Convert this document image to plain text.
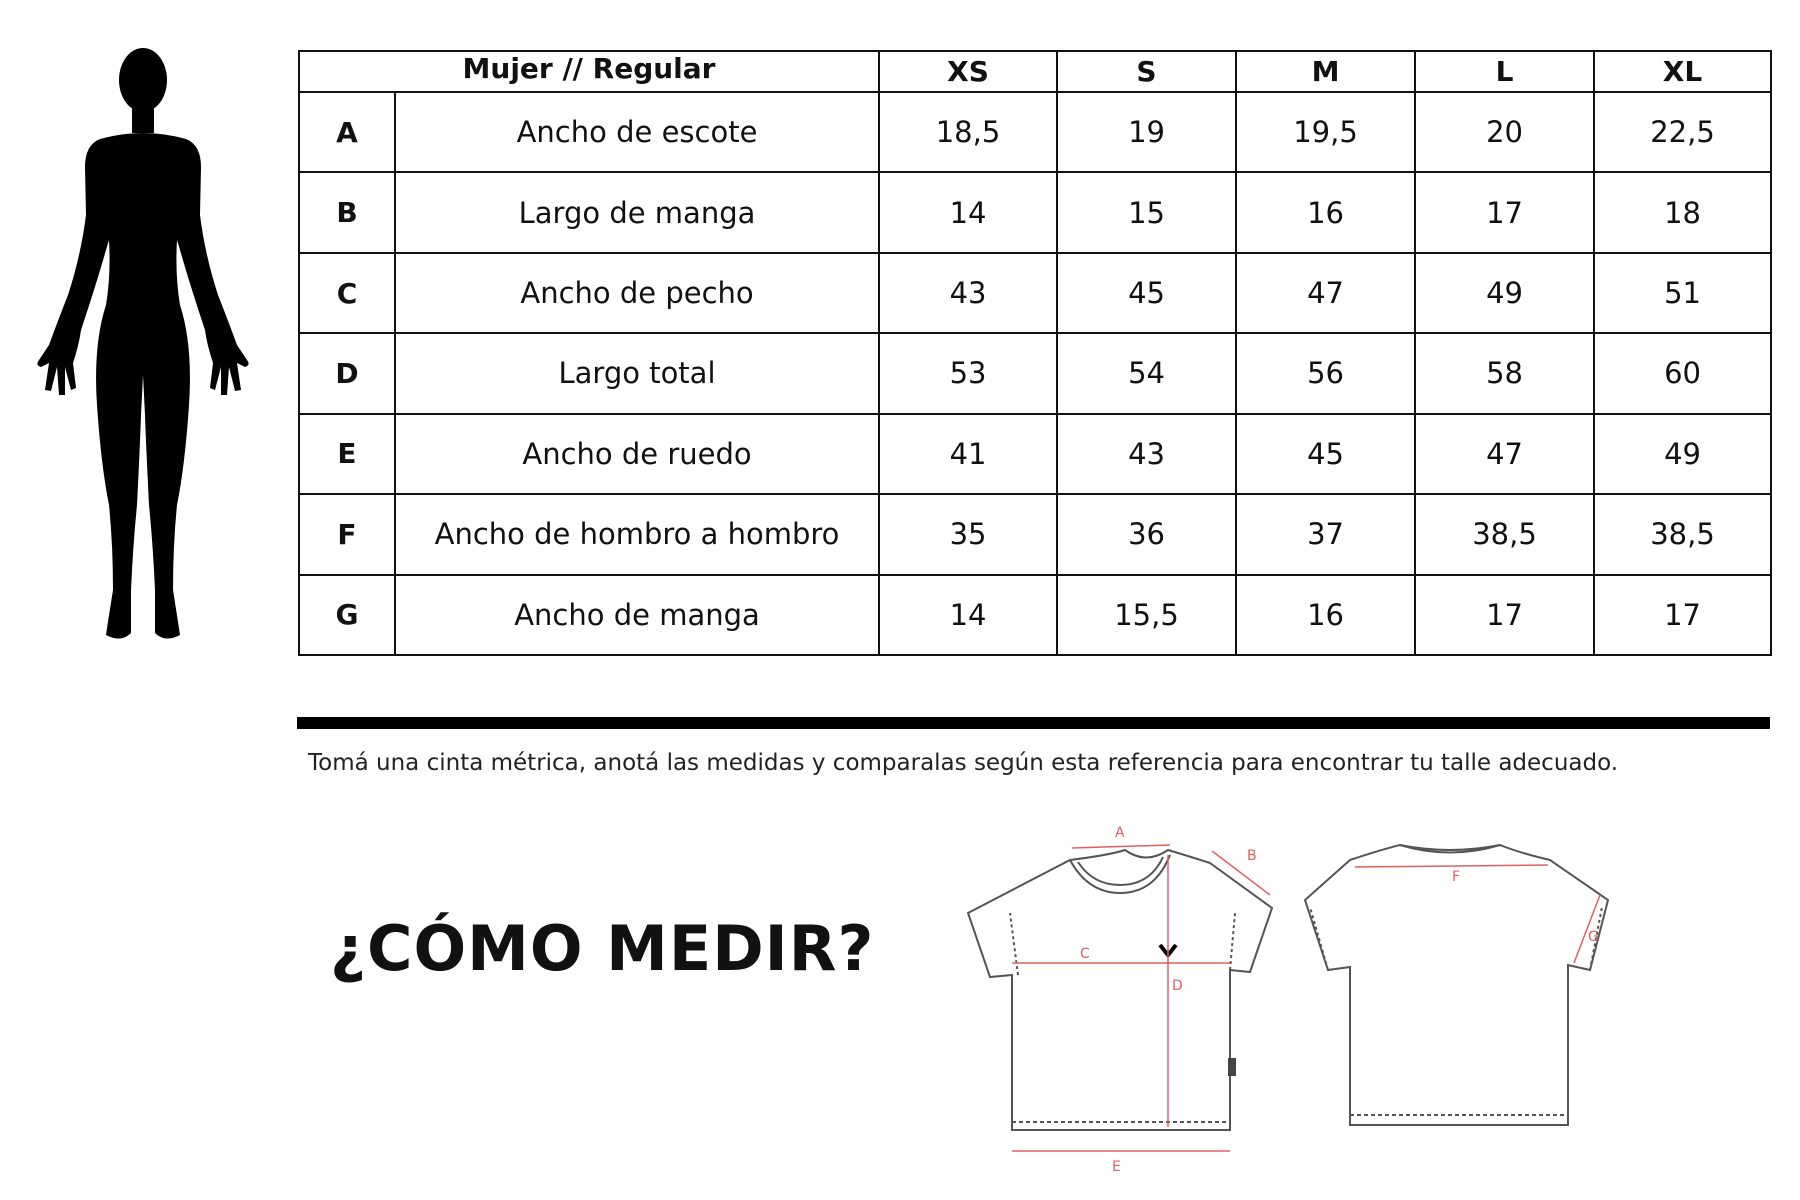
Mujer // Regular		XS	S	M	L	XL
A	Ancho de escote	18,5	19	19,5	20	22,5
B	Largo de manga	14	15	16	17	18
C	Ancho de pecho	43	45	47	49	51
D	Largo total	53	54	56	58	60
E	Ancho de ruedo	41	43	45	47	49
F	Ancho de hombro a hombro	35	36	37	38,5	38,5
G	Ancho de manga	14	15,5	16	17	17
Tomá una cinta métrica, anotá las medidas y comparalas según esta referencia para encontrar tu talle adecuado.
¿CÓMO MEDIR?
A
B
C
D
E
F
G
